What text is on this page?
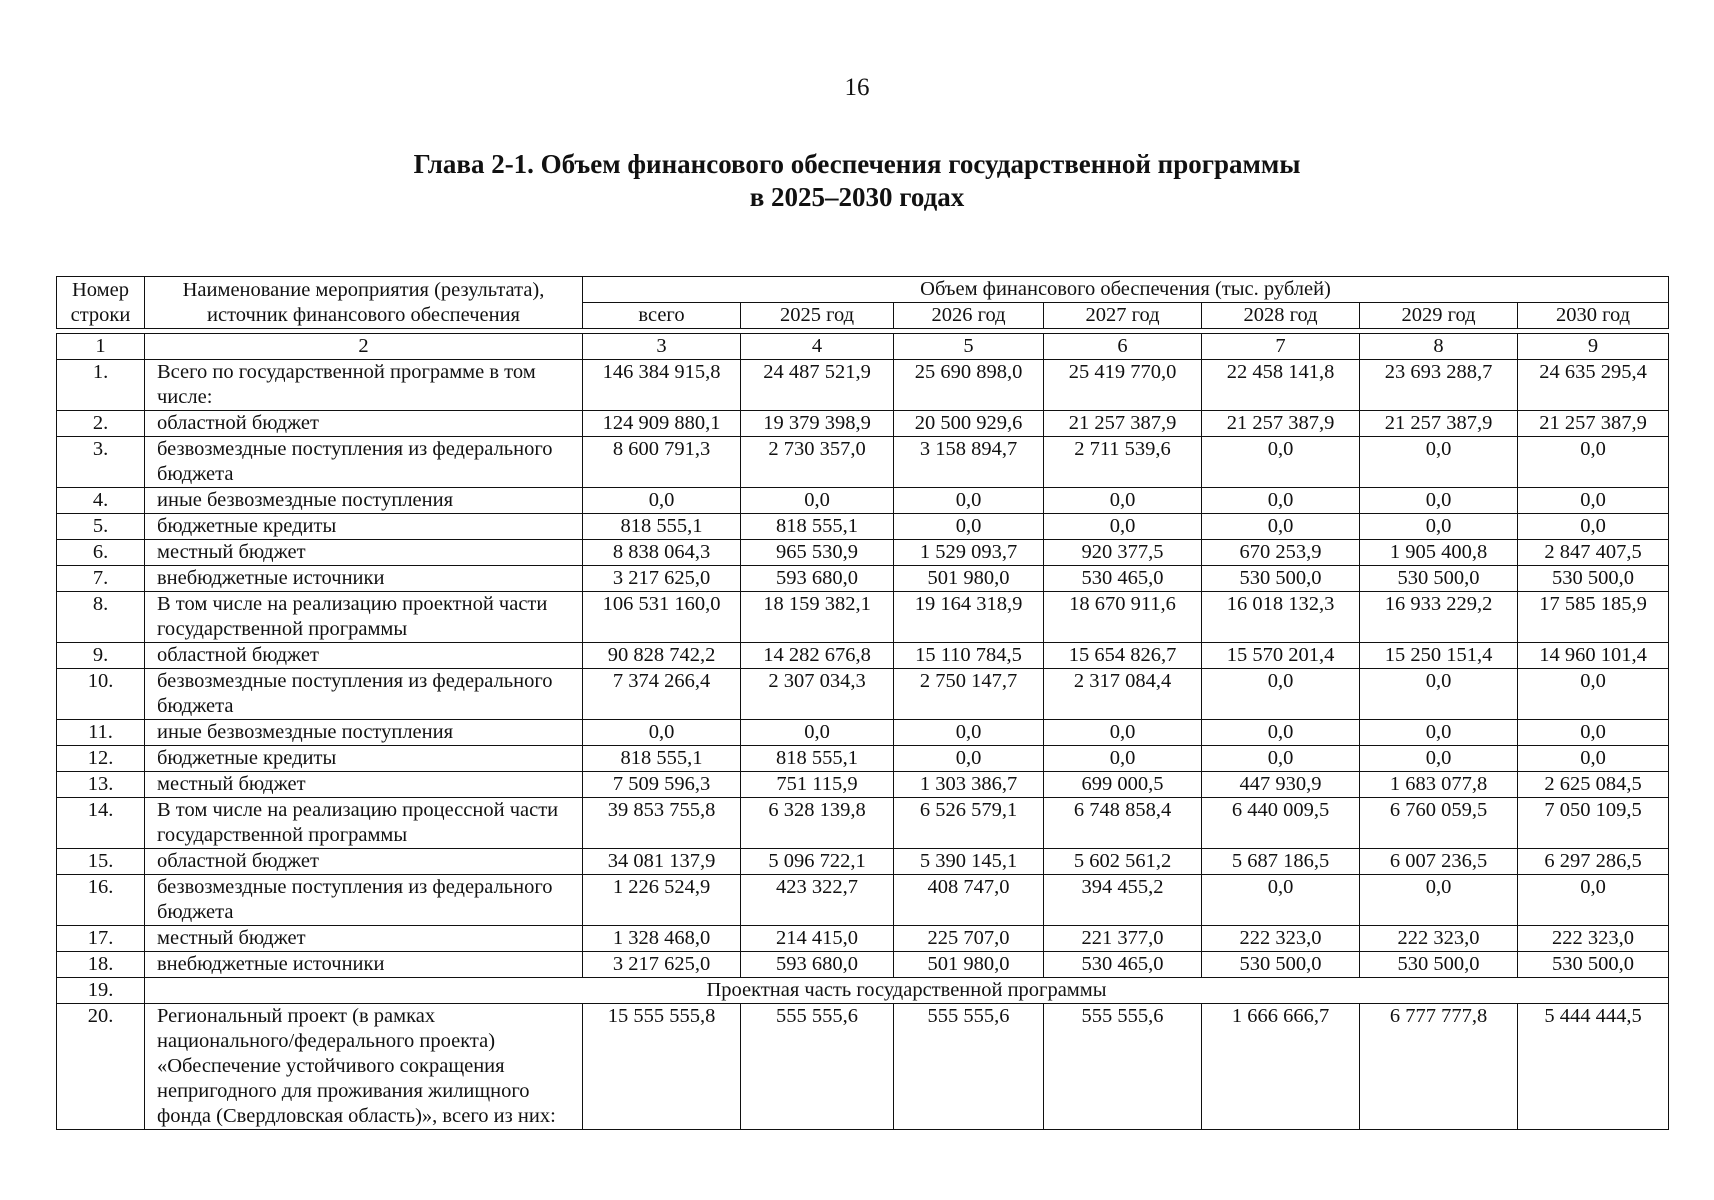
16
Глава 2-1. Объем финансового обеспечения государственной программы
в 2025–2030 годах
Номер строки	Наименование мероприятия (результата), источник финансового обеспечения	Объем финансового обеспечения (тыс. рублей)						
		всего	2025 год	2026 год	2027 год	2028 год	2029 год	2030 год

1	2	3	4	5	6	7	8	9
1.	Всего по государственной программе в том числе:	146 384 915,8	24 487 521,9	25 690 898,0	25 419 770,0	22 458 141,8	23 693 288,7	24 635 295,4
2.	областной бюджет	124 909 880,1	19 379 398,9	20 500 929,6	21 257 387,9	21 257 387,9	21 257 387,9	21 257 387,9
3.	безвозмездные поступления из федерального бюджета	8 600 791,3	2 730 357,0	3 158 894,7	2 711 539,6	0,0	0,0	0,0
4.	иные безвозмездные поступления	0,0	0,0	0,0	0,0	0,0	0,0	0,0
5.	бюджетные кредиты	818 555,1	818 555,1	0,0	0,0	0,0	0,0	0,0
6.	местный бюджет	8 838 064,3	965 530,9	1 529 093,7	920 377,5	670 253,9	1 905 400,8	2 847 407,5
7.	внебюджетные источники	3 217 625,0	593 680,0	501 980,0	530 465,0	530 500,0	530 500,0	530 500,0
8.	В том числе на реализацию проектной части государственной программы	106 531 160,0	18 159 382,1	19 164 318,9	18 670 911,6	16 018 132,3	16 933 229,2	17 585 185,9
9.	областной бюджет	90 828 742,2	14 282 676,8	15 110 784,5	15 654 826,7	15 570 201,4	15 250 151,4	14 960 101,4
10.	безвозмездные поступления из федерального бюджета	7 374 266,4	2 307 034,3	2 750 147,7	2 317 084,4	0,0	0,0	0,0
11.	иные безвозмездные поступления	0,0	0,0	0,0	0,0	0,0	0,0	0,0
12.	бюджетные кредиты	818 555,1	818 555,1	0,0	0,0	0,0	0,0	0,0
13.	местный бюджет	7 509 596,3	751 115,9	1 303 386,7	699 000,5	447 930,9	1 683 077,8	2 625 084,5
14.	В том числе на реализацию процессной части государственной программы	39 853 755,8	6 328 139,8	6 526 579,1	6 748 858,4	6 440 009,5	6 760 059,5	7 050 109,5
15.	областной бюджет	34 081 137,9	5 096 722,1	5 390 145,1	5 602 561,2	5 687 186,5	6 007 236,5	6 297 286,5
16.	безвозмездные поступления из федерального бюджета	1 226 524,9	423 322,7	408 747,0	394 455,2	0,0	0,0	0,0
17.	местный бюджет	1 328 468,0	214 415,0	225 707,0	221 377,0	222 323,0	222 323,0	222 323,0
18.	внебюджетные источники	3 217 625,0	593 680,0	501 980,0	530 465,0	530 500,0	530 500,0	530 500,0
19.	Проектная часть государственной программы							
20.	Региональный проект (в рамках национального/федерального проекта) «Обеспечение устойчивого сокращения непригодного для проживания жилищного фонда (Свердловская область)», всего из них:	15 555 555,8	555 555,6	555 555,6	555 555,6	1 666 666,7	6 777 777,8	5 444 444,5
